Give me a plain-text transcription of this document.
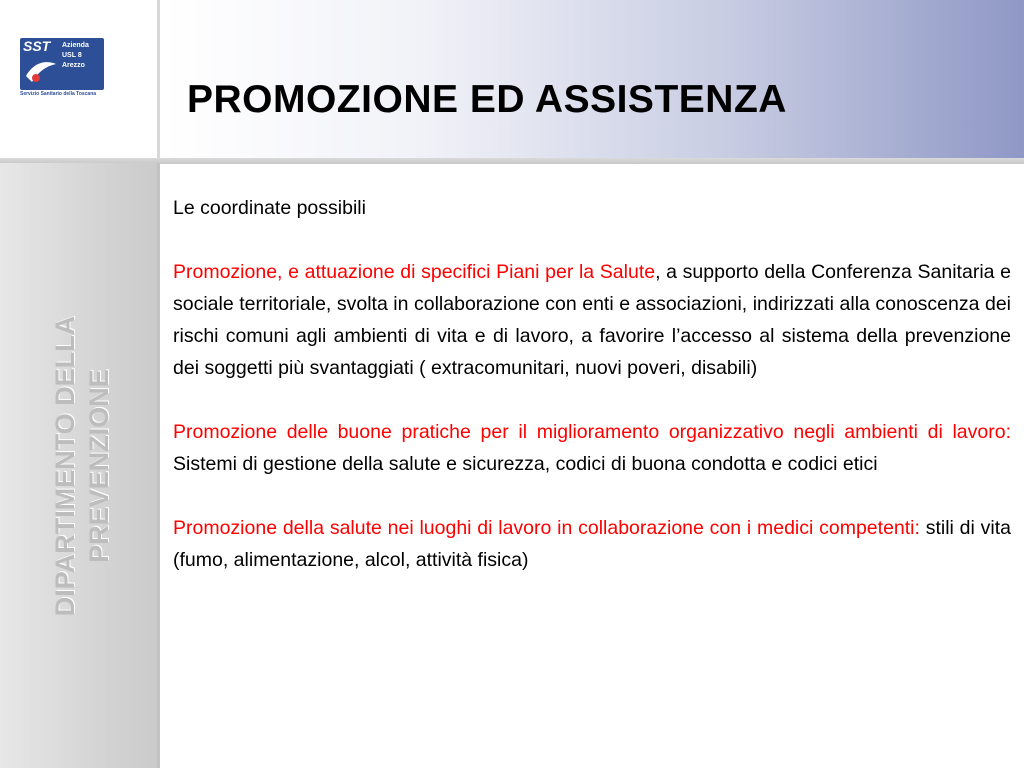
SST Azienda
USL 8
Arezzo
Servizio Sanitario della Toscana PROMOZIONE ED ASSISTENZA
DIPARTIMENTO DELLA PREVENZIONE

Le coordinate possibili

Promozione, e attuazione di specifici Piani per la Salute, a supporto della Conferenza Sanitaria e sociale territoriale, svolta in collaborazione con enti e associazioni, indirizzati alla conoscenza dei rischi comuni agli ambienti di vita e di lavoro, a favorire l’accesso al sistema della prevenzione dei soggetti più svantaggiati ( extracomunitari, nuovi poveri, disabili)

Promozione delle buone pratiche per il miglioramento organizzativo negli ambienti di lavoro: Sistemi di gestione della salute e sicurezza, codici di buona condotta e codici etici

Promozione della salute nei luoghi di lavoro in collaborazione con i medici competenti: stili di vita (fumo, alimentazione, alcol, attività fisica)
